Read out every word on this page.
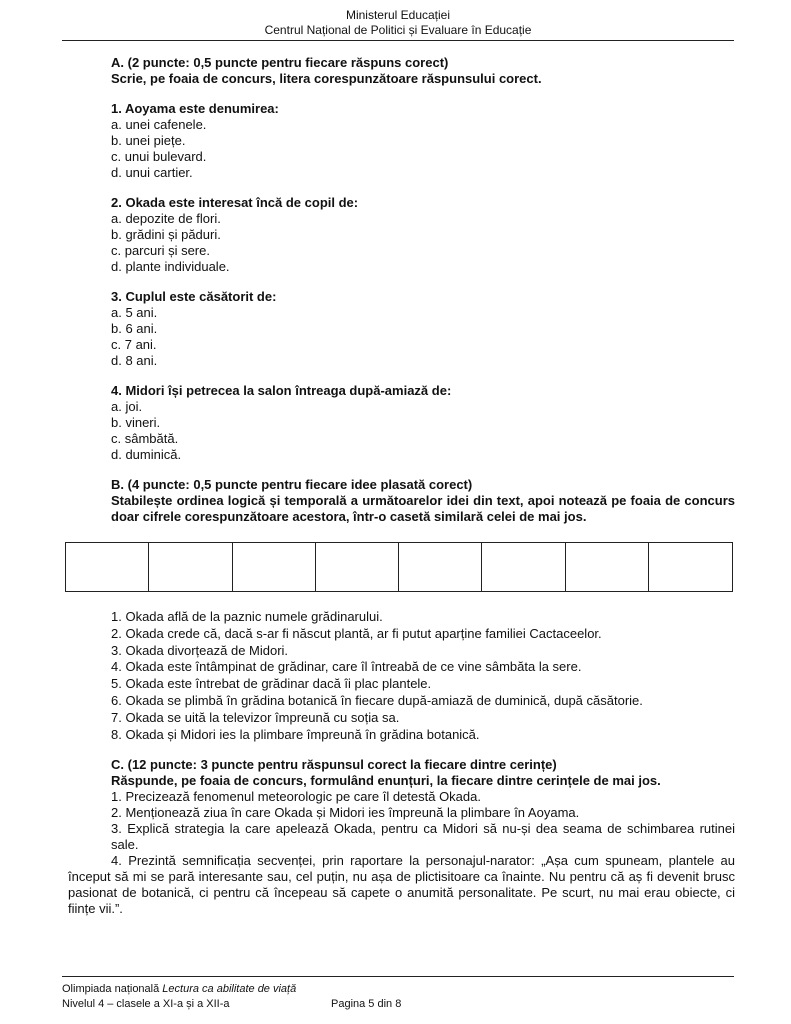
Ministerul Educației
Centrul Național de Politici și Evaluare în Educație
A. (2 puncte: 0,5 puncte pentru fiecare răspuns corect)
Scrie, pe foaia de concurs, litera corespunzătoare răspunsului corect.
1. Aoyama este denumirea:
a. unei cafenele.
b. unei piețe.
c. unui bulevard.
d. unui cartier.
2. Okada este interesat încă de copil de:
a. depozite de flori.
b. grădini și păduri.
c. parcuri și sere.
d. plante individuale.
3. Cuplul este căsătorit de:
a. 5 ani.
b. 6 ani.
c. 7 ani.
d. 8 ani.
4. Midori își petrecea la salon întreaga după-amiază de:
a. joi.
b. vineri.
c. sâmbătă.
d. duminică.
B. (4 puncte: 0,5 puncte pentru fiecare idee plasată corect)
Stabilește ordinea logică și temporală a următoarelor idei din text, apoi notează pe foaia de concurs doar cifrele corespunzătoare acestora, într-o casetă similară celei de mai jos.
1. Okada află de la paznic numele grădinarului.
2. Okada crede că, dacă s-ar fi născut plantă, ar fi putut aparține familiei Cactaceelor.
3. Okada divorțează de Midori.
4. Okada este întâmpinat de grădinar, care îl întreabă de ce vine sâmbăta la sere.
5. Okada este întrebat de grădinar dacă îi plac plantele.
6. Okada se plimbă în grădina botanică în fiecare după-amiază de duminică, după căsătorie.
7. Okada se uită la televizor împreună cu soția sa.
8. Okada și Midori ies la plimbare împreună în grădina botanică.
C. (12 puncte: 3 puncte pentru răspunsul corect la fiecare dintre cerințe)
Răspunde, pe foaia de concurs, formulând enunțuri, la fiecare dintre cerințele de mai jos.
1. Precizează fenomenul meteorologic pe care îl detestă Okada.
2. Menționează ziua în care Okada și Midori ies împreună la plimbare în Aoyama.
3. Explică strategia la care apelează Okada, pentru ca Midori să nu-și dea seama de schimbarea rutinei sale.
4. Prezintă semnificația secvenței, prin raportare la personajul-narator: „Așa cum spuneam, plantele au început să mi se pară interesante sau, cel puțin, nu așa de plictisitoare ca înainte. Nu pentru că aș fi devenit brusc pasionat de botanică, ci pentru că începeau să capete o anumită personalitate. Pe scurt, nu mai erau obiecte, ci ființe vii.”.
Olimpiada națională Lectura ca abilitate de viață
Nivelul 4 – clasele a XI-a și a XII-a	Pagina 5 din 8
